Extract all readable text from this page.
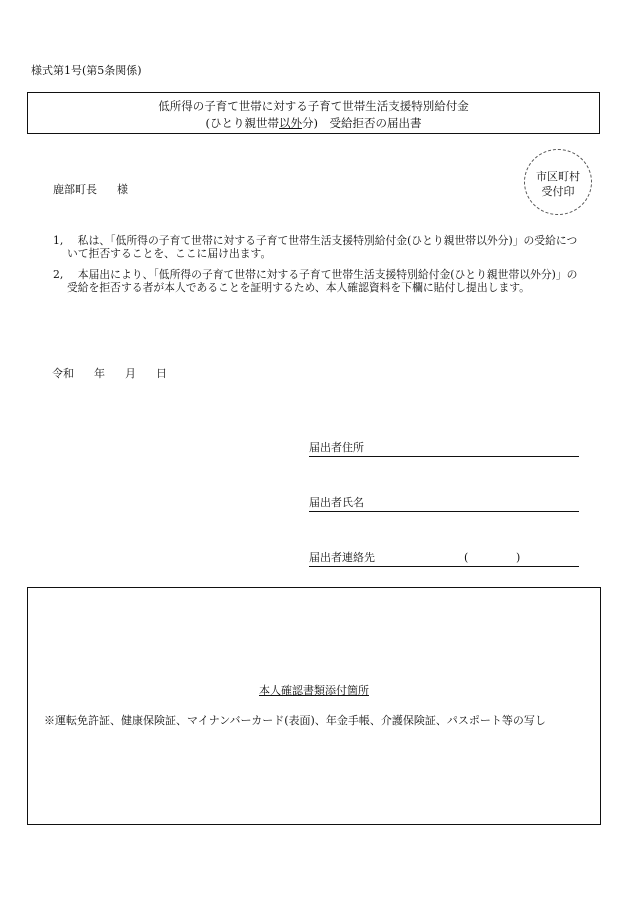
様式第1号(第5条関係)
低所得の子育て世帯に対する子育て世帯生活支援特別給付金
(ひとり親世帯以外分)　受給拒否の届出書
市区町村
受付印
鹿部町長 様
1, 　私は、「低所得の子育て世帯に対する子育て世帯生活支援特別給付金(ひとり親世帯以外分)」の受給について拒否することを、ここに届け出ます。
2, 　本届出により、「低所得の子育て世帯に対する子育て世帯生活支援特別給付金(ひとり親世帯以外分)」の受給を拒否する者が本人であることを証明するため、本人確認資料を下欄に貼付し提出します。
令和 年 月 日
届出者住所
届出者氏名
届出者連絡先	(	)
本人確認書類添付箇所
※運転免許証、健康保険証、マイナンバーカード(表面)、年金手帳、介護保険証、パスポート等の写し
